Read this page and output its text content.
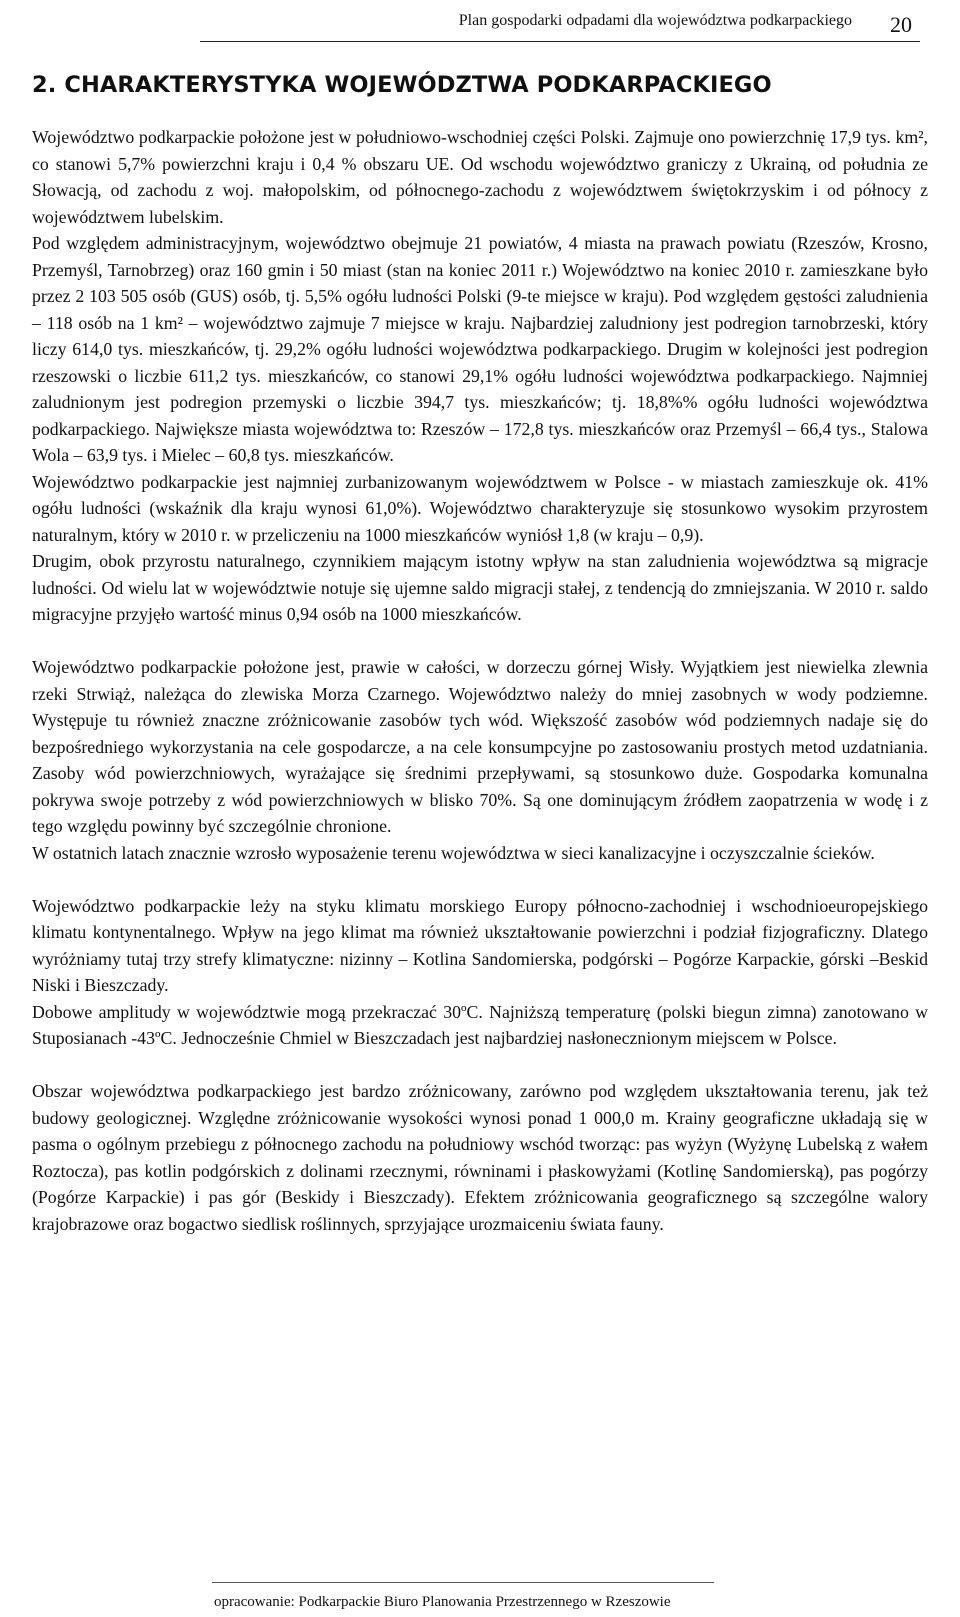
Plan gospodarki odpadami dla województwa podkarpackiego 20
2. CHARAKTERYSTYKA WOJEWÓDZTWA PODKARPACKIEGO

Województwo podkarpackie położone jest w południowo-wschodniej części Polski. Zajmuje ono powierzchnię 17,9 tys. km², co stanowi 5,7% powierzchni kraju i 0,4 % obszaru UE. Od wschodu województwo graniczy z Ukrainą, od południa ze Słowacją, od zachodu z woj. małopolskim, od północnego-zachodu z województwem świętokrzyskim i od północy z województwem lubelskim.

Pod względem administracyjnym, województwo obejmuje 21 powiatów, 4 miasta na prawach powiatu (Rzeszów, Krosno, Przemyśl, Tarnobrzeg) oraz 160 gmin i 50 miast (stan na koniec 2011 r.) Województwo na koniec 2010 r. zamieszkane było przez 2 103 505 osób (GUS) osób, tj. 5,5% ogółu ludności Polski (9-te miejsce w kraju). Pod względem gęstości zaludnienia – 118 osób na 1 km² – województwo zajmuje 7 miejsce w kraju. Najbardziej zaludniony jest podregion tarnobrzeski, który liczy 614,0 tys. mieszkańców, tj. 29,2% ogółu ludności województwa podkarpackiego. Drugim w kolejności jest podregion rzeszowski o liczbie 611,2 tys. mieszkańców, co stanowi 29,1% ogółu ludności województwa podkarpackiego. Najmniej zaludnionym jest podregion przemyski o liczbie 394,7 tys. mieszkańców; tj. 18,8%% ogółu ludności województwa podkarpackiego. Największe miasta województwa to: Rzeszów – 172,8 tys. mieszkańców oraz Przemyśl – 66,4 tys., Stalowa Wola – 63,9 tys. i Mielec – 60,8 tys. mieszkańców.

Województwo podkarpackie jest najmniej zurbanizowanym województwem w Polsce - w miastach zamieszkuje ok. 41% ogółu ludności (wskaźnik dla kraju wynosi 61,0%). Województwo charakteryzuje się stosunkowo wysokim przyrostem naturalnym, który w 2010 r. w przeliczeniu na 1000 mieszkańców wyniósł 1,8 (w kraju – 0,9).

Drugim, obok przyrostu naturalnego, czynnikiem mającym istotny wpływ na stan zaludnienia województwa są migracje ludności. Od wielu lat w województwie notuje się ujemne saldo migracji stałej, z tendencją do zmniejszania. W 2010 r. saldo migracyjne przyjęło wartość minus 0,94 osób na 1000 mieszkańców.

Województwo podkarpackie położone jest, prawie w całości, w dorzeczu górnej Wisły. Wyjątkiem jest niewielka zlewnia rzeki Strwiąż, należąca do zlewiska Morza Czarnego. Województwo należy do mniej zasobnych w wody podziemne. Występuje tu również znaczne zróżnicowanie zasobów tych wód. Większość zasobów wód podziemnych nadaje się do bezpośredniego wykorzystania na cele gospodarcze, a na cele konsumpcyjne po zastosowaniu prostych metod uzdatniania. Zasoby wód powierzchniowych, wyrażające się średnimi przepływami, są stosunkowo duże. Gospodarka komunalna pokrywa swoje potrzeby z wód powierzchniowych w blisko 70%. Są one dominującym źródłem zaopatrzenia w wodę i z tego względu powinny być szczególnie chronione.

W ostatnich latach znacznie wzrosło wyposażenie terenu województwa w sieci kanalizacyjne i oczyszczalnie ścieków.

Województwo podkarpackie leży na styku klimatu morskiego Europy północno-zachodniej i wschodnioeuropejskiego klimatu kontynentalnego. Wpływ na jego klimat ma również ukształtowanie powierzchni i podział fizjograficzny. Dlatego wyróżniamy tutaj trzy strefy klimatyczne: nizinny – Kotlina Sandomierska, podgórski – Pogórze Karpackie, górski –Beskid Niski i Bieszczady.

Dobowe amplitudy w województwie mogą przekraczać 30ºC. Najniższą temperaturę (polski biegun zimna) zanotowano w Stuposianach -43ºC. Jednocześnie Chmiel w Bieszczadach jest najbardziej nasłonecznionym miejscem w Polsce.

Obszar województwa podkarpackiego jest bardzo zróżnicowany, zarówno pod względem ukształtowania terenu, jak też budowy geologicznej. Względne zróżnicowanie wysokości wynosi ponad 1 000,0 m. Krainy geograficzne układają się w pasma o ogólnym przebiegu z północnego zachodu na południowy wschód tworząc: pas wyżyn (Wyżynę Lubelską z wałem Roztocza), pas kotlin podgórskich z dolinami rzecznymi, równinami i płaskowyżami (Kotlinę Sandomierską), pas pogórzy (Pogórze Karpackie) i pas gór (Beskidy i Bieszczady). Efektem zróżnicowania geograficznego są szczególne walory krajobrazowe oraz bogactwo siedlisk roślinnych, sprzyjające urozmaiceniu świata fauny.

opracowanie: Podkarpackie Biuro Planowania Przestrzennego w Rzeszowie
